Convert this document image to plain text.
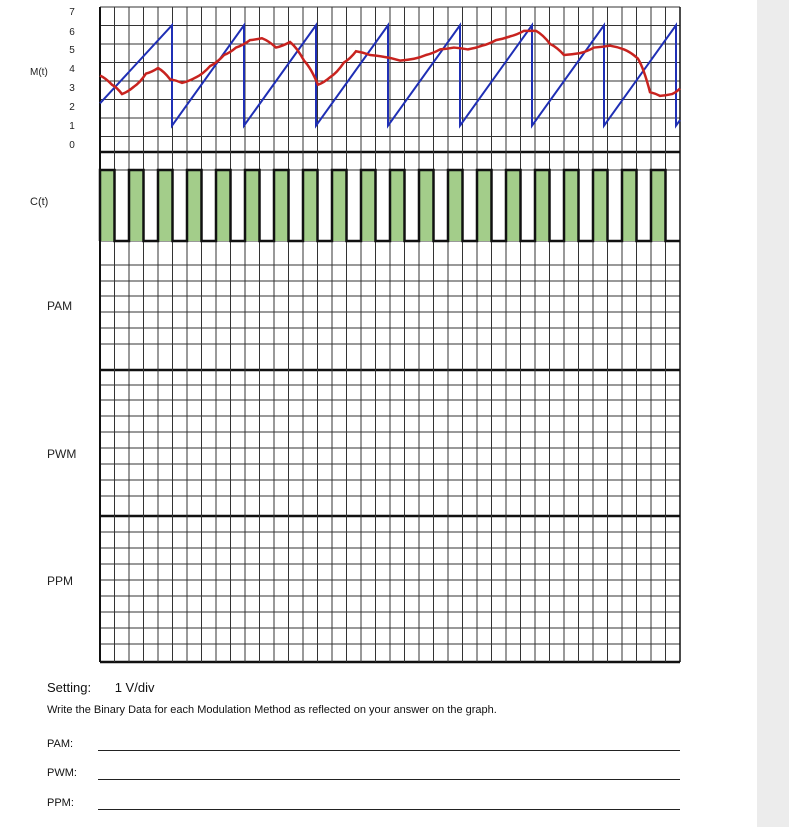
7
6
5
4
3
2
1
0
M(t)
C(t)
PAM
PWM
PPM
Setting: 1 V/div
Write the Binary Data for each Modulation Method as reflected on your answer on the graph.
PAM:
PWM:
PPM:
